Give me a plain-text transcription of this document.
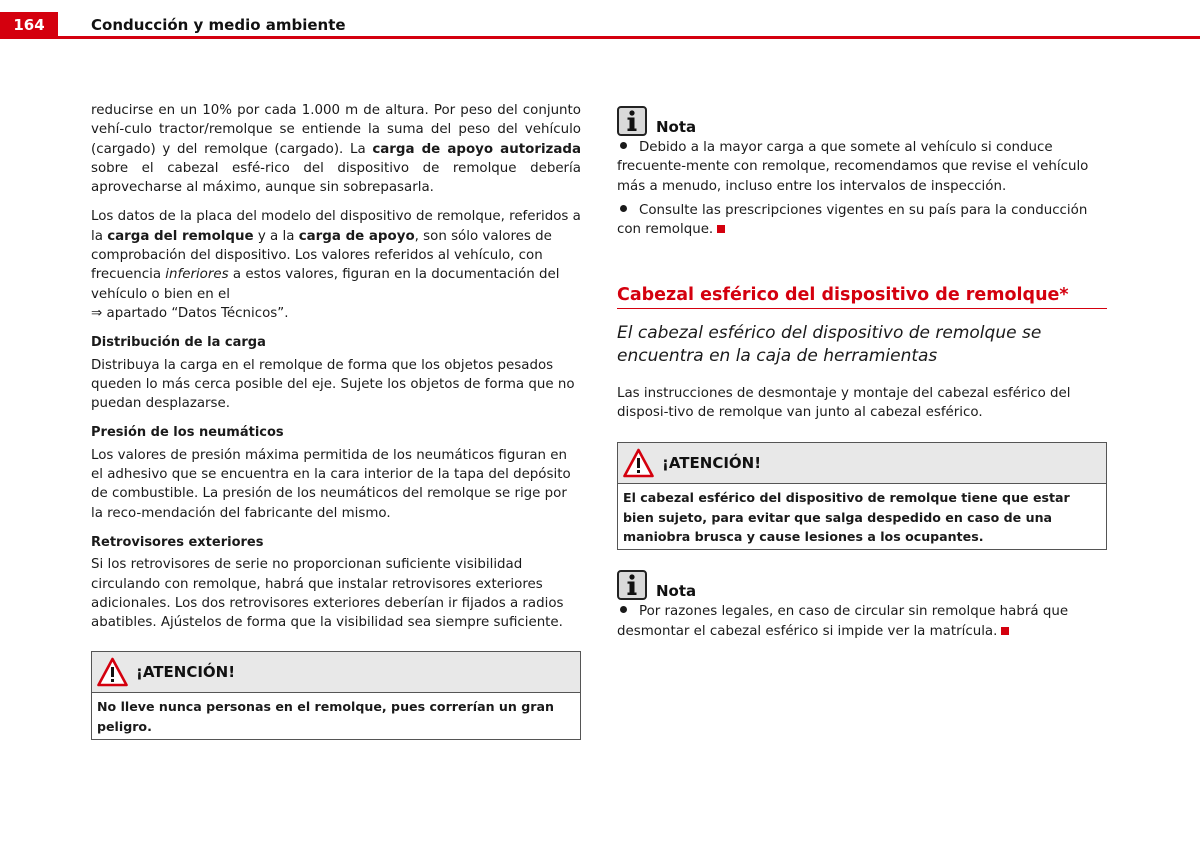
164	Conducción y medio ambiente

reducirse en un 10% por cada 1.000 m de altura. Por peso del conjunto vehí-culo tractor/remolque se entiende la suma del peso del vehículo (cargado) y del remolque (cargado). La carga de apoyo autorizada sobre el cabezal esfé-rico del dispositivo de remolque debería aprovecharse al máximo, aunque sin sobrepasarla.

Los datos de la placa del modelo del dispositivo de remolque, referidos a la carga del remolque y a la carga de apoyo, son sólo valores de comprobación del dispositivo. Los valores referidos al vehículo, con frecuencia inferiores a estos valores, figuran en la documentación del vehículo o bien en el
⇒ apartado “Datos Técnicos”.

Distribución de la carga

Distribuya la carga en el remolque de forma que los objetos pesados queden lo más cerca posible del eje. Sujete los objetos de forma que no puedan desplazarse.

Presión de los neumáticos

Los valores de presión máxima permitida de los neumáticos figuran en el adhesivo que se encuentra en la cara interior de la tapa del depósito de combustible. La presión de los neumáticos del remolque se rige por la reco-mendación del fabricante del mismo.

Retrovisores exteriores

Si los retrovisores de serie no proporcionan suficiente visibilidad circulando con remolque, habrá que instalar retrovisores exteriores adicionales. Los dos retrovisores exteriores deberían ir fijados a radios abatibles. Ajústelos de forma que la visibilidad sea siempre suficiente.

¡ATENCIÓN!
No lleve nunca personas en el remolque, pues correrían un gran peligro.
Nota

Debido a la mayor carga a que somete al vehículo si conduce frecuente-mente con remolque, recomendamos que revise el vehículo más a menudo, incluso entre los intervalos de inspección.

Consulte las prescripciones vigentes en su país para la conducción con remolque.

Cabezal esférico del dispositivo de remolque*
El cabezal esférico del dispositivo de remolque se encuentra en la caja de herramientas

Las instrucciones de desmontaje y montaje del cabezal esférico del disposi-tivo de remolque van junto al cabezal esférico.

¡ATENCIÓN!
El cabezal esférico del dispositivo de remolque tiene que estar bien sujeto, para evitar que salga despedido en caso de una maniobra brusca y cause lesiones a los ocupantes.
Nota

Por razones legales, en caso de circular sin remolque habrá que desmontar el cabezal esférico si impide ver la matrícula.
